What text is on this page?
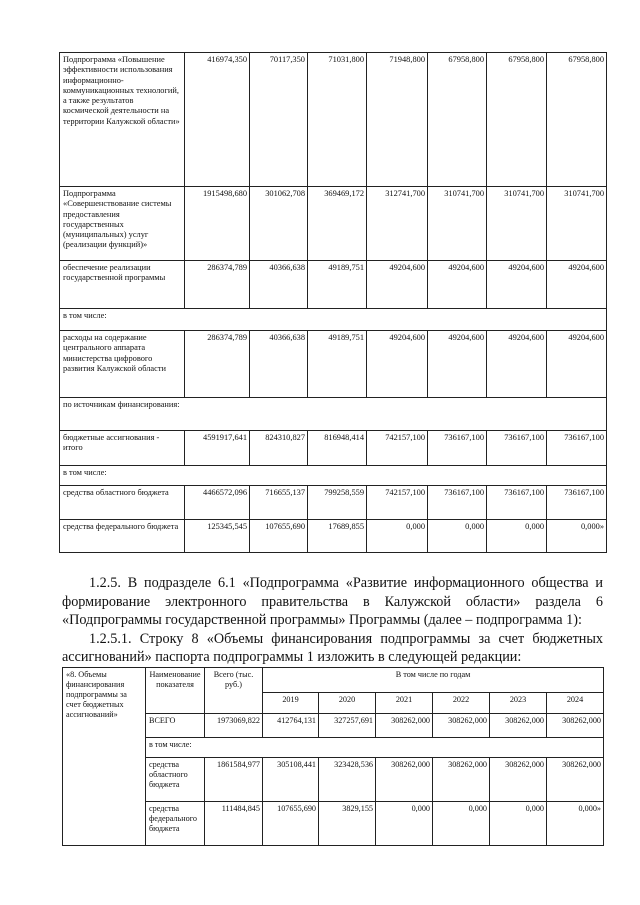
Подпрограмма «Повышение эффективности использования информационно-коммуникационных технологий, а также результатов космической деятельности на территории Калужской области»	416974,350	70117,350	71031,800	71948,800	67958,800	67958,800	67958,800
Подпрограмма «Совершенствование системы предоставления государственных (муниципальных) услуг (реализации функций)»	1915498,680	301062,708	369469,172	312741,700	310741,700	310741,700	310741,700
обеспечение реализации государственной программы	286374,789	40366,638	49189,751	49204,600	49204,600	49204,600	49204,600
в том числе:							
расходы на содержание центрального аппарата министерства цифрового развития Калужской области	286374,789	40366,638	49189,751	49204,600	49204,600	49204,600	49204,600
по источникам финансирования:							
бюджетные ассигнования - итого	4591917,641	824310,827	816948,414	742157,100	736167,100	736167,100	736167,100
в том числе:							
средства областного бюджета	4466572,096	716655,137	799258,559	742157,100	736167,100	736167,100	736167,100
средства федерального бюджета	125345,545	107655,690	17689,855	0,000	0,000	0,000	0,000»

1.2.5. В подразделе 6.1 «Подпрограмма «Развитие информационного общества и формирование электронного правительства в Калужской области» раздела 6 «Подпрограммы государственной программы» Программы (далее – подпрограмма 1):

1.2.5.1. Строку 8 «Объемы финансирования подпрограммы за счет бюджетных ассигнований» паспорта подпрограммы 1 изложить в следующей редакции:

«8. Объемы финансирования подпрограммы за счет бюджетных ассигнований»	Наименование показателя	Всего (тыс. руб.)	В том числе по годам					
			2019	2020	2021	2022	2023	2024
	ВСЕГО	1973069,822	412764,131	327257,691	308262,000	308262,000	308262,000	308262,000
	в том числе:							
	средства областного бюджета	1861584,977	305108,441	323428,536	308262,000	308262,000	308262,000	308262,000
	средства федерального бюджета	111484,845	107655,690	3829,155	0,000	0,000	0,000	0,000»
